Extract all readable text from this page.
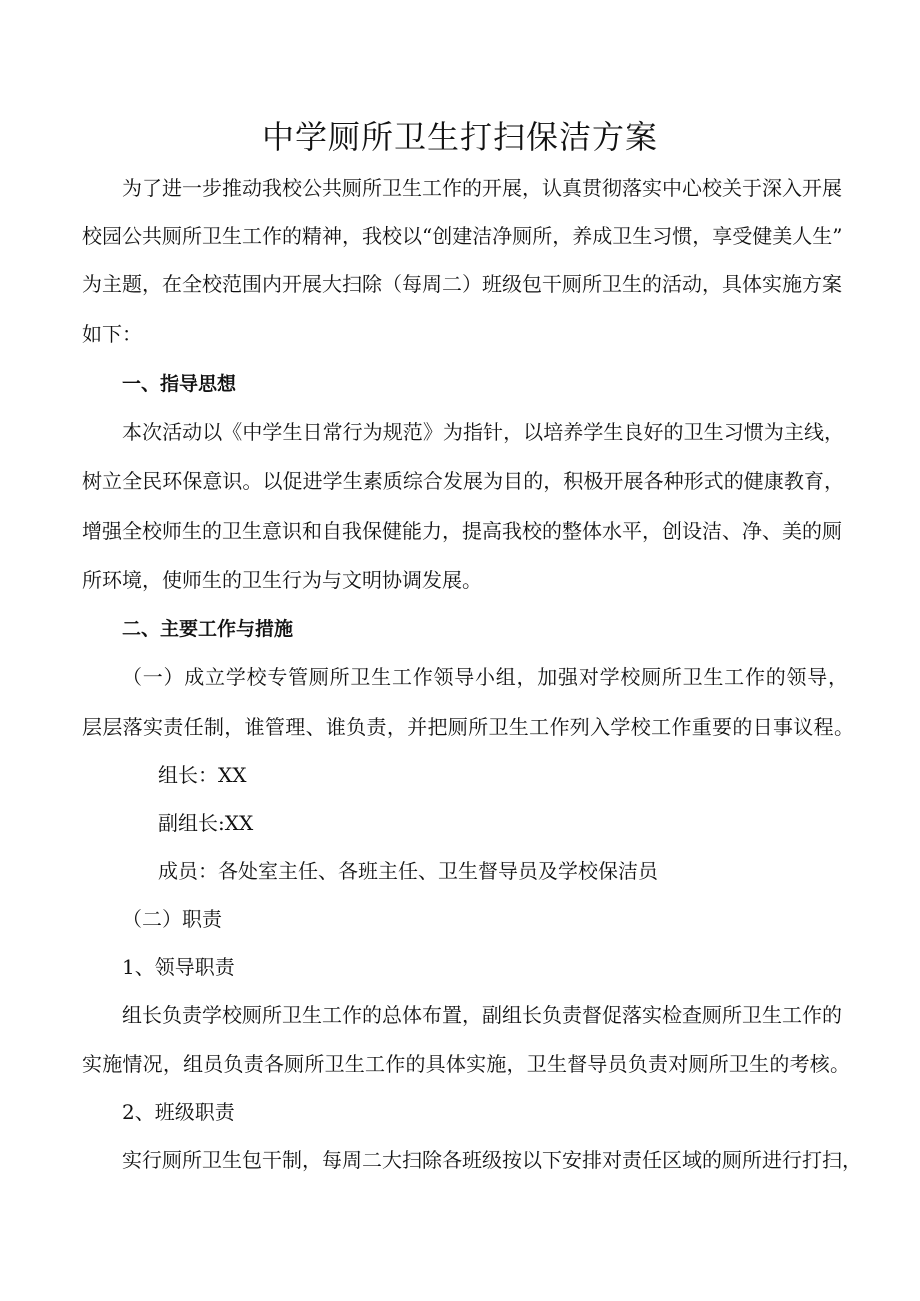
中学厕所卫生打扫保洁方案
为了进一步推动我校公共厕所卫生工作的开展，认真贯彻落实中心校关于深入开展
校园公共厕所卫生工作的精神，我校以“创建洁净厕所，养成卫生习惯，享受健美人生”
为主题，在全校范围内开展大扫除（每周二）班级包干厕所卫生的活动，具体实施方案
如下：
一、指导思想
本次活动以《中学生日常行为规范》为指针，以培养学生良好的卫生习惯为主线，
树立全民环保意识。以促进学生素质综合发展为目的，积极开展各种形式的健康教育，
增强全校师生的卫生意识和自我保健能力，提高我校的整体水平，创设洁、净、美的厕
所环境，使师生的卫生行为与文明协调发展。
二、主要工作与措施
（一）成立学校专管厕所卫生工作领导小组，加强对学校厕所卫生工作的领导，
层层落实责任制，谁管理、谁负责，并把厕所卫生工作列入学校工作重要的日事议程。
组长：XX
副组长:XX
成员：各处室主任、各班主任、卫生督导员及学校保洁员
（二）职责
1、领导职责
组长负责学校厕所卫生工作的总体布置，副组长负责督促落实检查厕所卫生工作的
实施情况，组员负责各厕所卫生工作的具体实施，卫生督导员负责对厕所卫生的考核。
2、班级职责
实行厕所卫生包干制，每周二大扫除各班级按以下安排对责任区域的厕所进行打扫，
